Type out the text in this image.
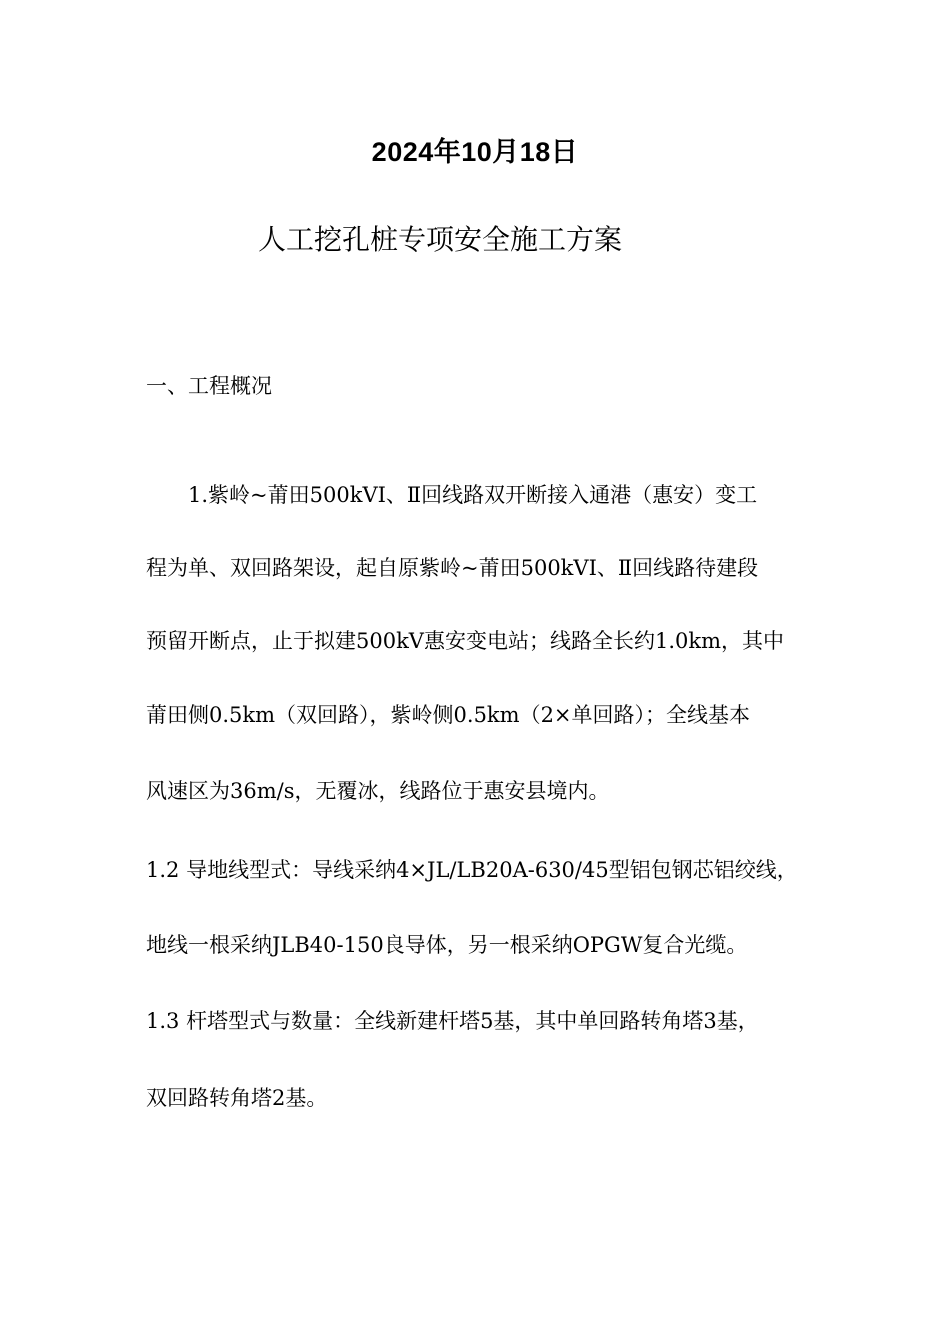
2024年10月18日
人工挖孔桩专项安全施工方案
一、工程概况
1.紫岭~莆田500kVⅠ、Ⅱ回线路双开断接入通港（惠安）变工
程为单、双回路架设，起自原紫岭~莆田500kVⅠ、Ⅱ回线路待建段
预留开断点，止于拟建500kV惠安变电站；线路全长约1.0km，其中
莆田侧0.5km（双回路），紫岭侧0.5km（2×单回路）；全线基本
风速区为36m/s，无覆冰，线路位于惠安县境内。
1.2 导地线型式：导线采纳4×JL/LB20A-630/45型铝包钢芯铝绞线，
地线一根采纳JLB40-150良导体，另一根采纳OPGW复合光缆。
1.3 杆塔型式与数量：全线新建杆塔5基，其中单回路转角塔3基，
双回路转角塔2基。
